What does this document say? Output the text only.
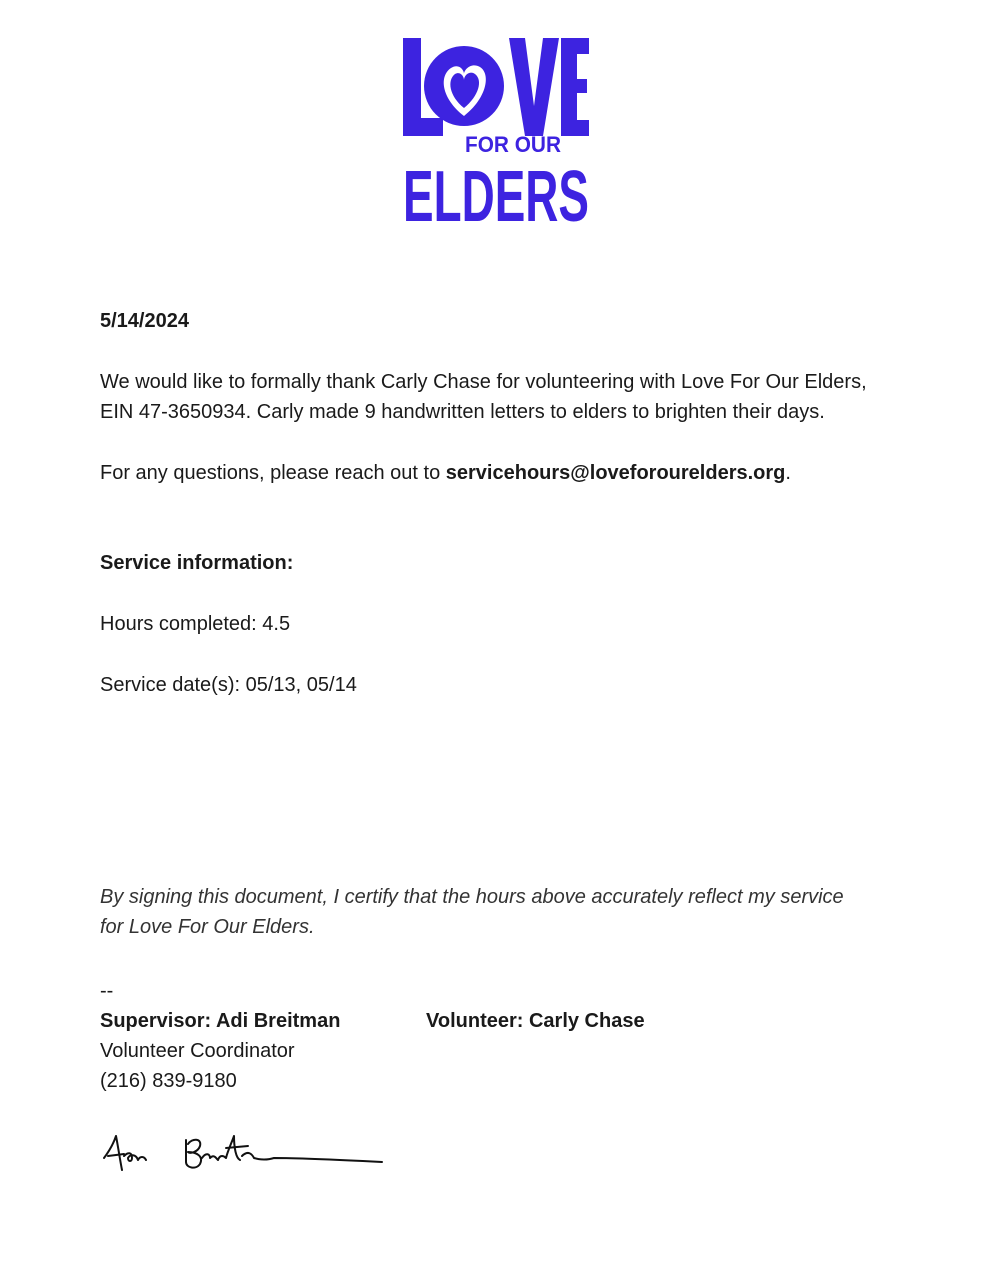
FOR OUR
ELDERS
5/14/2024
We would like to formally thank Carly Chase for volunteering with Love For Our Elders, EIN 47-3650934. Carly made 9 handwritten letters to elders to brighten their days.
For any questions, please reach out to servicehours@loveforourelders.org.
Service information:
Hours completed: 4.5
Service date(s): 05/13, 05/14
By signing this document, I certify that the hours above accurately reflect my service for Love For Our Elders.
--
Supervisor: Adi Breitman
Volunteer Coordinator
(216) 839-9180
Volunteer: Carly Chase
